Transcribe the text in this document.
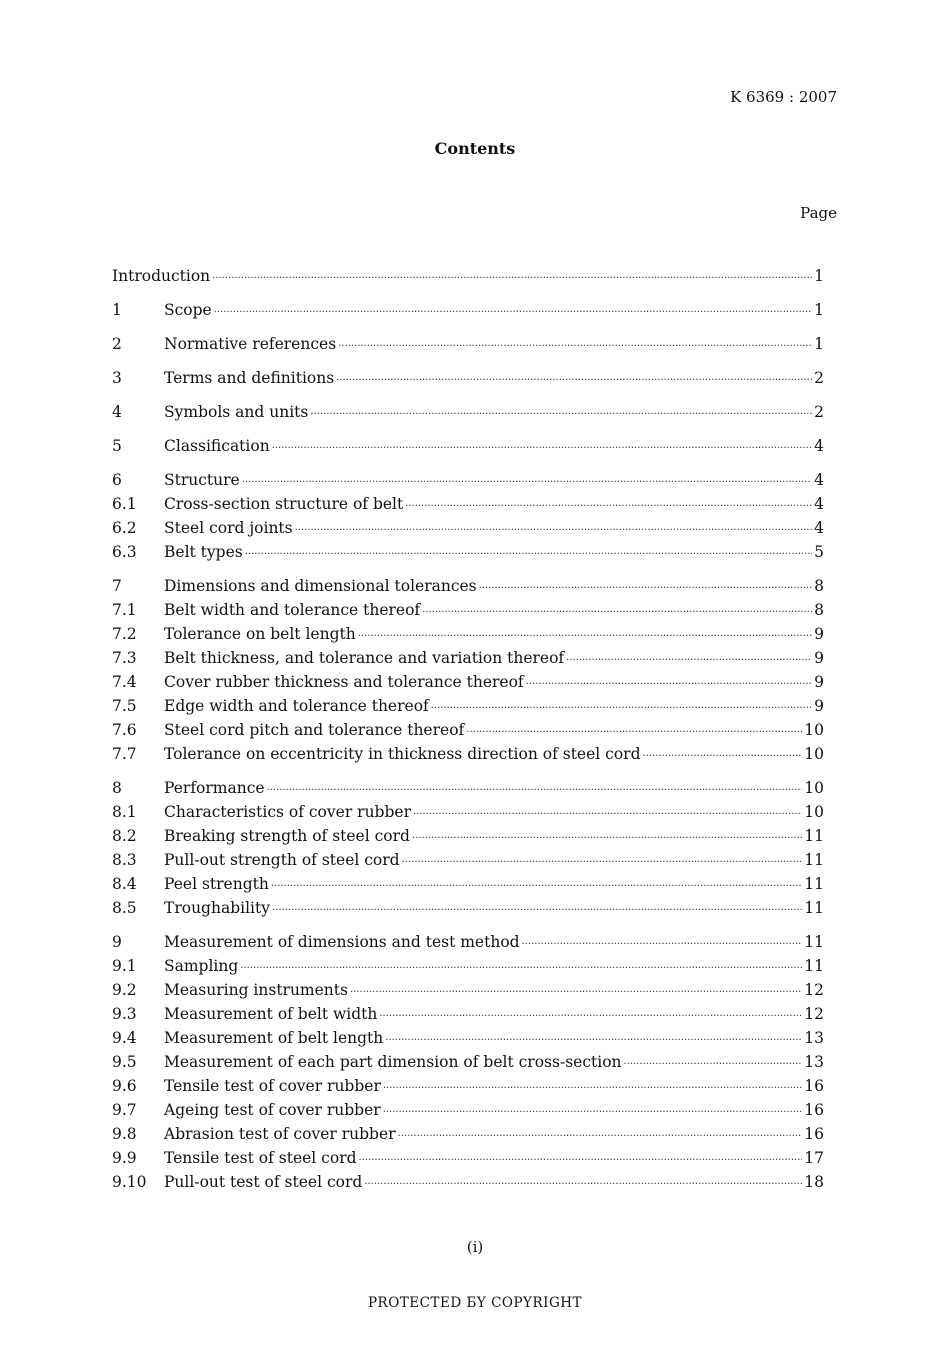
K 6369 : 2007
Contents
Page
Introduction ·····	1
1	Scope ·····	1
2	Normative references ·····	1
3	Terms and definitions ·····	2
4	Symbols and units ·····	2
5	Classification ·····	4
6	Structure ·····	4
6.1	Cross-section structure of belt ·····	4
6.2	Steel cord joints ·····	4
6.3	Belt types ·····	5
7	Dimensions and dimensional tolerances ·····	8
7.1	Belt width and tolerance thereof ·····	8
7.2	Tolerance on belt length ·····	9
7.3	Belt thickness, and tolerance and variation thereof ·····	9
7.4	Cover rubber thickness and tolerance thereof ·····	9
7.5	Edge width and tolerance thereof ·····	9
7.6	Steel cord pitch and tolerance thereof ·····	10
7.7	Tolerance on eccentricity in thickness direction of steel cord ·····	10
8	Performance ·····	10
8.1	Characteristics of cover rubber ·····	10
8.2	Breaking strength of steel cord ·····	11
8.3	Pull-out strength of steel cord ·····	11
8.4	Peel strength ·····	11
8.5	Troughability ·····	11
9	Measurement of dimensions and test method ·····	11
9.1	Sampling ·····	11
9.2	Measuring instruments ·····	12
9.3	Measurement of belt width ·····	12
9.4	Measurement of belt length ·····	13
9.5	Measurement of each part dimension of belt cross-section ·····	13
9.6	Tensile test of cover rubber ·····	16
9.7	Ageing test of cover rubber ·····	16
9.8	Abrasion test of cover rubber ·····	16
9.9	Tensile test of steel cord ·····	17
9.10	Pull-out test of steel cord ·····	18
(i)
PROTECTED БY COPYRIGHT
